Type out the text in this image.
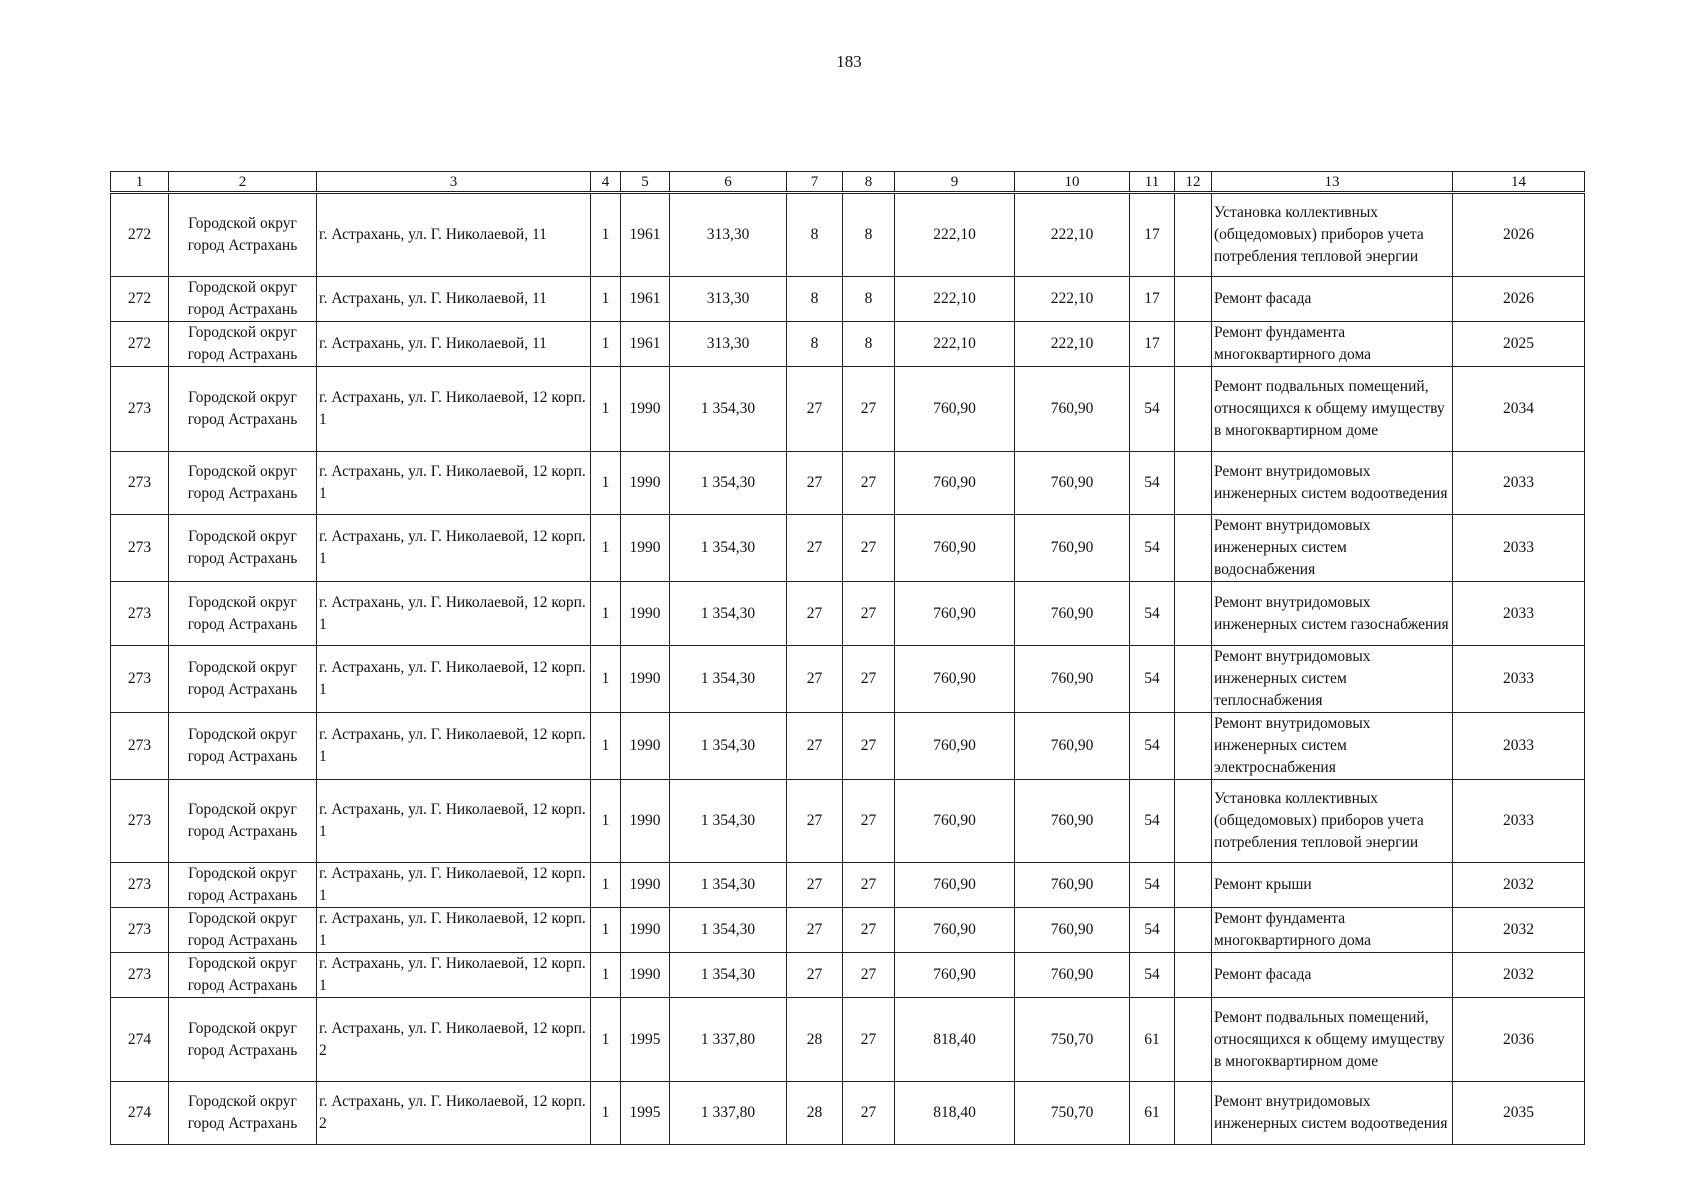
183
1	2	3	4	5	6	7	8	9	10	11	12	13	14
272	Городской округ город Астрахань	г. Астрахань, ул. Г. Николаевой, 11	1	1961	313,30	8	8	222,10	222,10	17		Установка коллективных (общедомовых) приборов учета потребления тепловой энергии	2026
272	Городской округ город Астрахань	г. Астрахань, ул. Г. Николаевой, 11	1	1961	313,30	8	8	222,10	222,10	17		Ремонт фасада	2026
272	Городской округ город Астрахань	г. Астрахань, ул. Г. Николаевой, 11	1	1961	313,30	8	8	222,10	222,10	17		Ремонт фундамента многоквартирного дома	2025
273	Городской округ город Астрахань	г. Астрахань, ул. Г. Николаевой, 12 корп. 1	1	1990	1 354,30	27	27	760,90	760,90	54		Ремонт подвальных помещений, относящихся к общему имуществу в многоквартирном доме	2034
273	Городской округ город Астрахань	г. Астрахань, ул. Г. Николаевой, 12 корп. 1	1	1990	1 354,30	27	27	760,90	760,90	54		Ремонт внутридомовых инженерных систем водоотведения	2033
273	Городской округ город Астрахань	г. Астрахань, ул. Г. Николаевой, 12 корп. 1	1	1990	1 354,30	27	27	760,90	760,90	54		Ремонт внутридомовых инженерных систем водоснабжения	2033
273	Городской округ город Астрахань	г. Астрахань, ул. Г. Николаевой, 12 корп. 1	1	1990	1 354,30	27	27	760,90	760,90	54		Ремонт внутридомовых инженерных систем газоснабжения	2033
273	Городской округ город Астрахань	г. Астрахань, ул. Г. Николаевой, 12 корп. 1	1	1990	1 354,30	27	27	760,90	760,90	54		Ремонт внутридомовых инженерных систем теплоснабжения	2033
273	Городской округ город Астрахань	г. Астрахань, ул. Г. Николаевой, 12 корп. 1	1	1990	1 354,30	27	27	760,90	760,90	54		Ремонт внутридомовых инженерных систем электроснабжения	2033
273	Городской округ город Астрахань	г. Астрахань, ул. Г. Николаевой, 12 корп. 1	1	1990	1 354,30	27	27	760,90	760,90	54		Установка коллективных (общедомовых) приборов учета потребления тепловой энергии	2033
273	Городской округ город Астрахань	г. Астрахань, ул. Г. Николаевой, 12 корп. 1	1	1990	1 354,30	27	27	760,90	760,90	54		Ремонт крыши	2032
273	Городской округ город Астрахань	г. Астрахань, ул. Г. Николаевой, 12 корп. 1	1	1990	1 354,30	27	27	760,90	760,90	54		Ремонт фундамента многоквартирного дома	2032
273	Городской округ город Астрахань	г. Астрахань, ул. Г. Николаевой, 12 корп. 1	1	1990	1 354,30	27	27	760,90	760,90	54		Ремонт фасада	2032
274	Городской округ город Астрахань	г. Астрахань, ул. Г. Николаевой, 12 корп. 2	1	1995	1 337,80	28	27	818,40	750,70	61		Ремонт подвальных помещений, относящихся к общему имуществу в многоквартирном доме	2036
274	Городской округ город Астрахань	г. Астрахань, ул. Г. Николаевой, 12 корп. 2	1	1995	1 337,80	28	27	818,40	750,70	61		Ремонт внутридомовых инженерных систем водоотведения	2035
